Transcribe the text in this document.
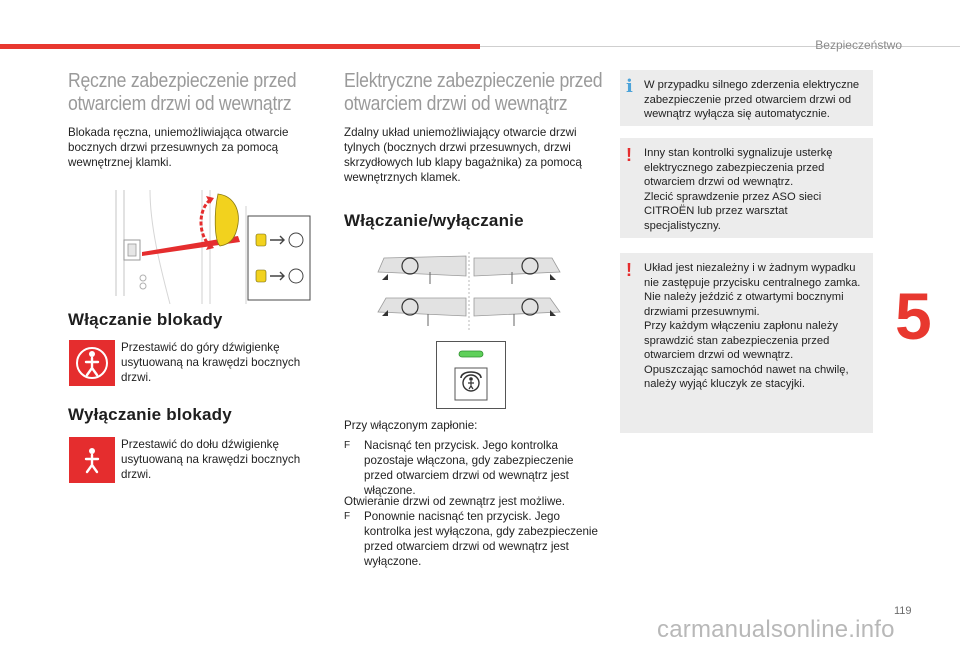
Bezpieczeństwo
5
Ręczne zabezpieczenie przed
otwarciem drzwi od wewnątrz
Blokada ręczna, uniemożliwiająca otwarcie bocznych drzwi przesuwnych za pomocą wewnętrznej klamki.
Włączanie blokady
Przestawić do góry dźwigienkę usytuowaną na krawędzi bocznych drzwi.
Wyłączanie blokady
Przestawić do dołu dźwigienkę usytuowaną na krawędzi bocznych drzwi.
Elektryczne zabezpieczenie przed
otwarciem drzwi od wewnątrz
Zdalny układ uniemożliwiający otwarcie drzwi tylnych (bocznych drzwi przesuwnych, drzwi skrzydłowych lub klapy bagażnika) za pomocą wewnętrznych klamek.
Włączanie/wyłączanie
Przy włączonym zapłonie:
F Nacisnąć ten przycisk. Jego kontrolka pozostaje włączona, gdy zabezpieczenie przed otwarciem drzwi od wewnątrz jest włączone.
Otwieranie drzwi od zewnątrz jest możliwe.
F Ponownie nacisnąć ten przycisk. Jego kontrolka jest wyłączona, gdy zabezpieczenie przed otwarciem drzwi od wewnątrz jest wyłączone.
i W przypadku silnego zderzenia elektryczne zabezpieczenie przed otwarciem drzwi od wewnątrz wyłącza się automatycznie.

! Inny stan kontrolki sygnalizuje usterkę elektrycznego zabezpieczenia przed otwarciem drzwi od wewnątrz.

Zlecić sprawdzenie przez ASO sieci CITROËN lub przez warsztat specjalistyczny.

! Układ jest niezależny i w żadnym wypadku nie zastępuje przycisku centralnego zamka.

Nie należy jeździć z otwartymi bocznymi drzwiami przesuwnymi.

Przy każdym włączeniu zapłonu należy sprawdzić stan zabezpieczenia przed otwarciem drzwi od wewnątrz.

Opuszczając samochód nawet na chwilę, należy wyjąć kluczyk ze stacyjki.

119
carmanualsonline.info
